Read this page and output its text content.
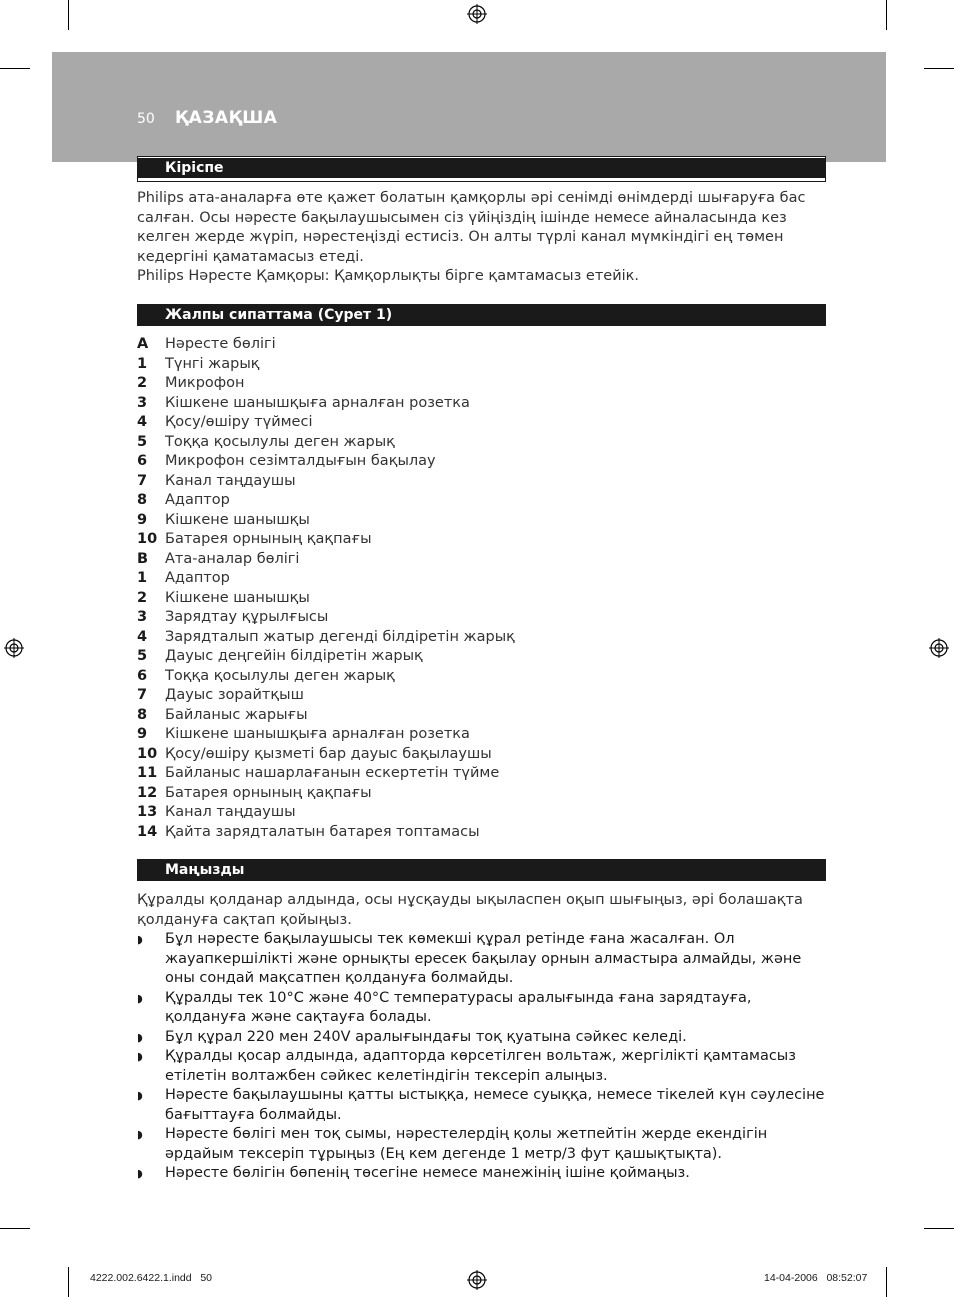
50 ҚАЗАҚША
Кіріспе

Philips ата-аналарға өте қажет болатын қамқорлы әрі сенімді өнімдерді шығаруға бас салған. Осы нәресте бақылаушысымен сіз үйіңіздің ішінде немесе айналасында кез келген жерде жүріп, нәрестеңізді естисіз. Он алты түрлі канал мүмкіндігі ең төмен кедергіні қаматамасыз етеді.

Philips Нәресте Қамқоры: Қамқорлықты бірге қамтамасыз етейік.

Жалпы сипаттама (Сурет 1)
A	Нәресте бөлігі
1	Түнгі жарық
2	Микрофон
3	Кішкене шанышқыға арналған розетка
4	Қосу/өшіру түймесі
5	Тоққа қосылулы деген жарық
6	Микрофон сезімталдығын бақылау
7	Канал таңдаушы
8	Адаптор
9	Кішкене шанышқы
10 Батарея орнының қақпағы
B	Ата-аналар бөлігі
1	Адаптор
2	Кішкене шанышқы
3	Зарядтау құрылғысы
4	Зарядталып жатыр дегенді білдіретін жарық
5	Дауыс деңгейін білдіретін жарық
6	Тоққа қосылулы деген жарық
7	Дауыс зорайтқыш
8	Байланыс жарығы
9	Кішкене шанышқыға арналған розетка
10 Қосу/өшіру қызметі бар дауыс бақылаушы
11 Байланыс нашарлағанын ескертетін түйме
12 Батарея орнының қақпағы
13 Канал таңдаушы
14 Қайта зарядталатын батарея топтамасы
Маңызды
Құралды қолданар алдында, осы нұсқауды ықыласпен оқып шығыңыз, әрі болашақта қолдануға сақтап қойыңыз.
◗	Бұл нәресте бақылаушысы тек көмекші құрал ретінде ғана жасалған. Ол жауапкершілікті және орнықты ересек бақылау орнын алмастыра алмайды, және оны сондай мақсатпен қолдануға болмайды.
◗	Құралды тек 10°C және 40°C температурасы аралығында ғана зарядтауға, қолдануға және сақтауға болады.
◗	Бұл құрал 220 мен 240V аралығындағы тоқ қуатына сәйкес келеді.
◗	Құралды қосар алдында, адаптордa көрсетілген вольтаж, жергілікті қамтамасыз етілетін волтажбен сәйкес келетіндігін тексеріп алыңыз.
◗	Нәресте бақылаушыны қатты ыстыққа, немесе суыққа, немесе тікелей күн сәулесіне бағыттауға болмайды.
◗	Нәресте бөлігі мен тоқ сымы, нәрестелердің қолы жетпейтін жерде екендігін әрдайым тексеріп тұрыңыз (Ең кем дегенде 1 метр/3 фут қашықтықта).
◗	Нәресте бөлігін бөпенің төсегіне немесе манежінің ішіне қоймаңыз.
4222.002.6422.1.indd   50	14-04-2006   08:52:07
